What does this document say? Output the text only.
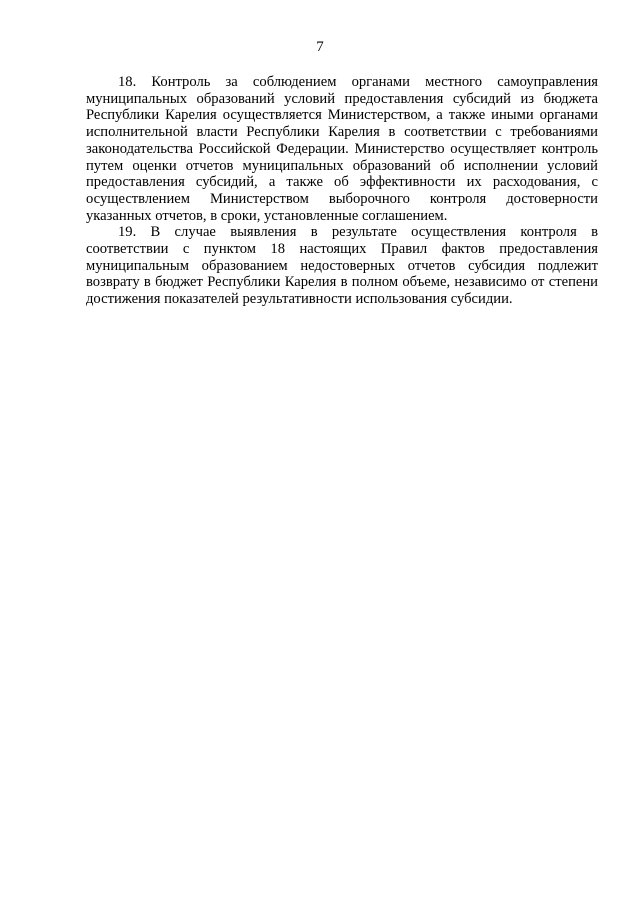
7

18. Контроль за соблюдением органами местного самоуправления муниципальных образований условий предоставления субсидий из бюджета Республики Карелия осуществляется Министерством, а также иными органами исполнительной власти Республики Карелия в соответствии с требованиями законодательства Российской Федерации. Министерство осуществляет контроль путем оценки отчетов муниципальных образований об исполнении условий предоставления субсидий, а также об эффективности их расходования, с осуществлением Министерством выборочного контроля достоверности указанных отчетов, в сроки, установленные соглашением.

19. В случае выявления в результате осуществления контроля в соответствии с пунктом 18 настоящих Правил фактов предоставления муниципальным образованием недостоверных отчетов субсидия подлежит возврату в бюджет Республики Карелия в полном объеме, независимо от степени достижения показателей результативности использования субсидии.
